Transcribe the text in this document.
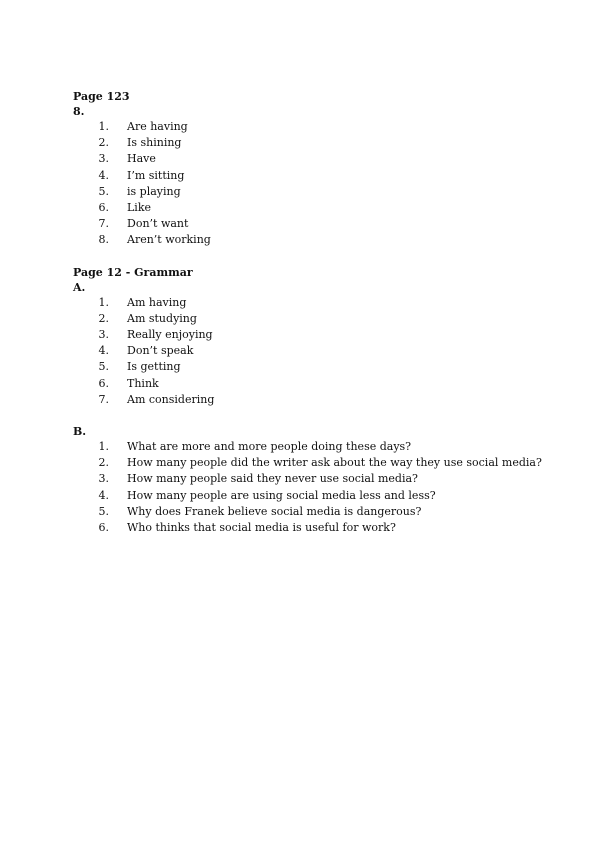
Page 123

8.

1. Are having
2. Is shining
3. Have
4. I’m sitting
5. is playing
6. Like
7. Don’t want
8. Aren’t working

Page 12 - Grammar

A.

1. Am having
2. Am studying
3. Really enjoying
4. Don’t speak
5. Is getting
6. Think
7. Am considering

B.

1. What are more and more people doing these days?
2. How many people did the writer ask about the way they use social media?
3. How many people said they never use social media?
4. How many people are using social media less and less?
5. Why does Franek believe social media is dangerous?
6. Who thinks that social media is useful for work?
